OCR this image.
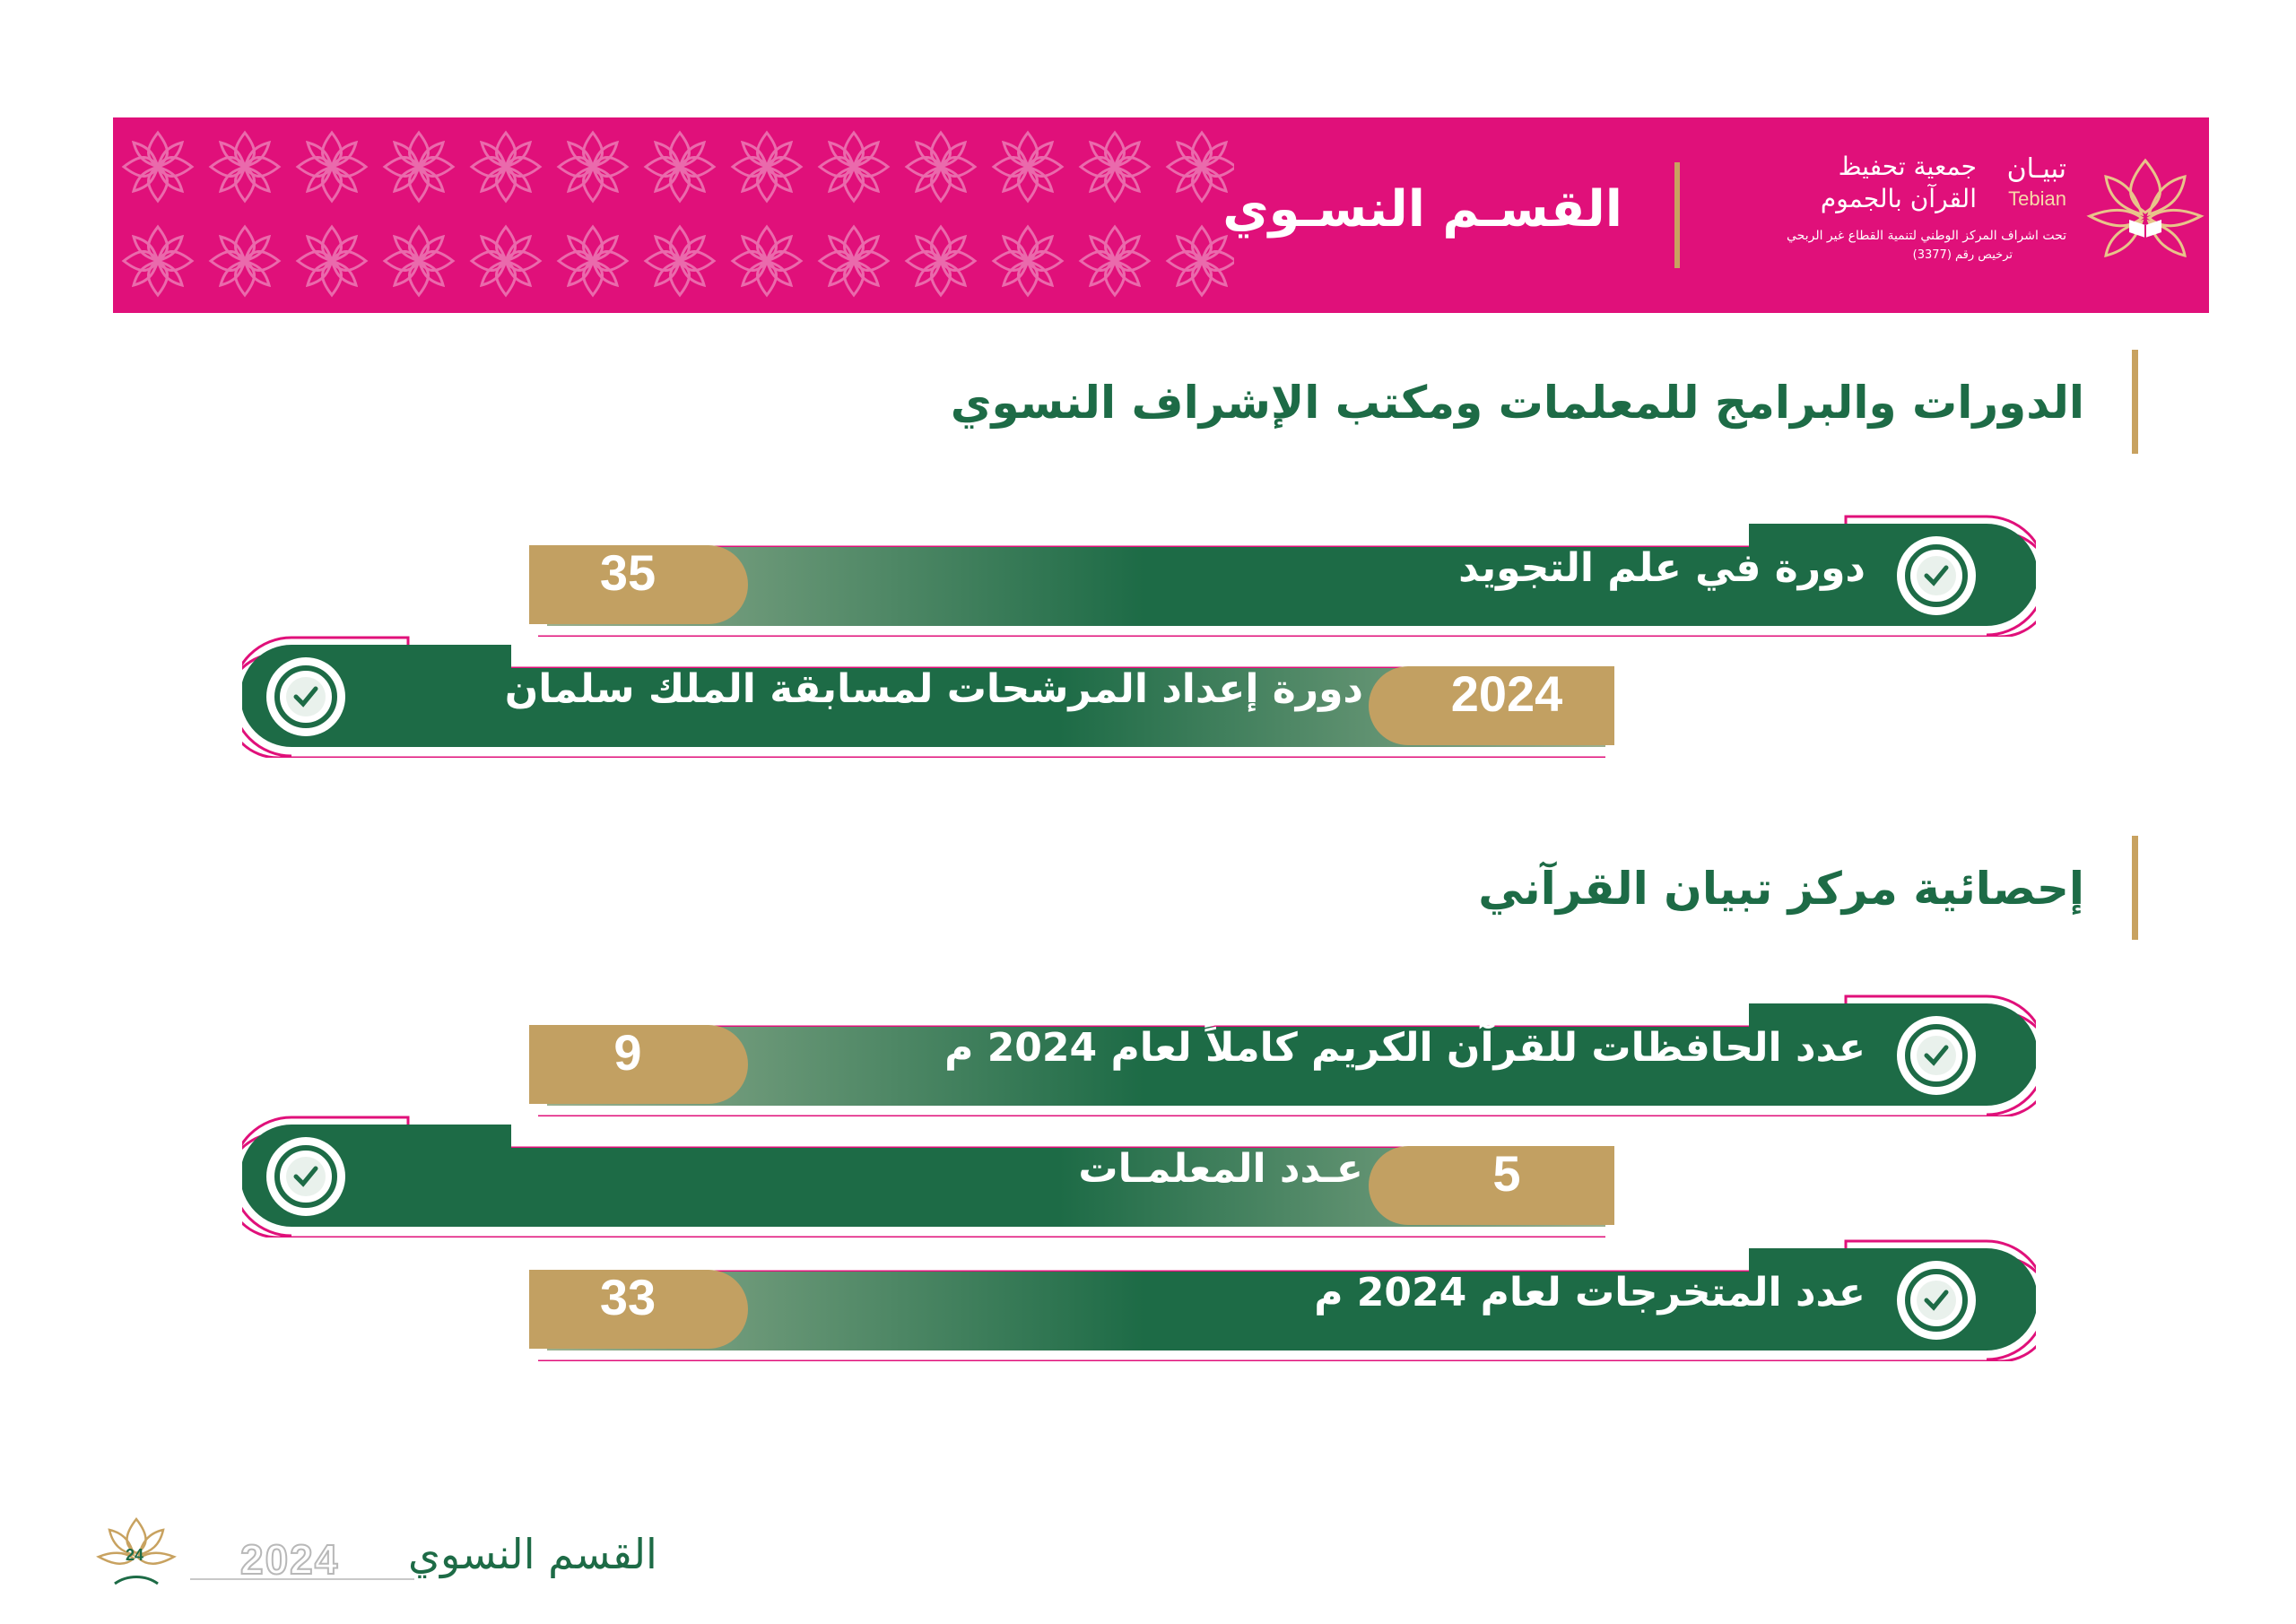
القسـم النسـوي
تبيـان
Tebian
جمعية تحفيظ
القرآن بالجموم
تحت اشراف المركز الوطني لتنمية القطاع غير الربحي
ترخيص رقم (3377)
الدورات والبرامج للمعلمات ومكتب الإشراف النسوي
35	دورة في علم التجويد
2024
دورة إعداد المرشحات لمسابقة الملك سلمان
إحصائية مركز تبيان القرآني
9	عدد الحافظات للقرآن الكريم كاملاً لعام 2024 م
5
عـدد المعلمـات
33	عدد المتخرجات لعام 2024 م
24 2024 القسم النسوي
